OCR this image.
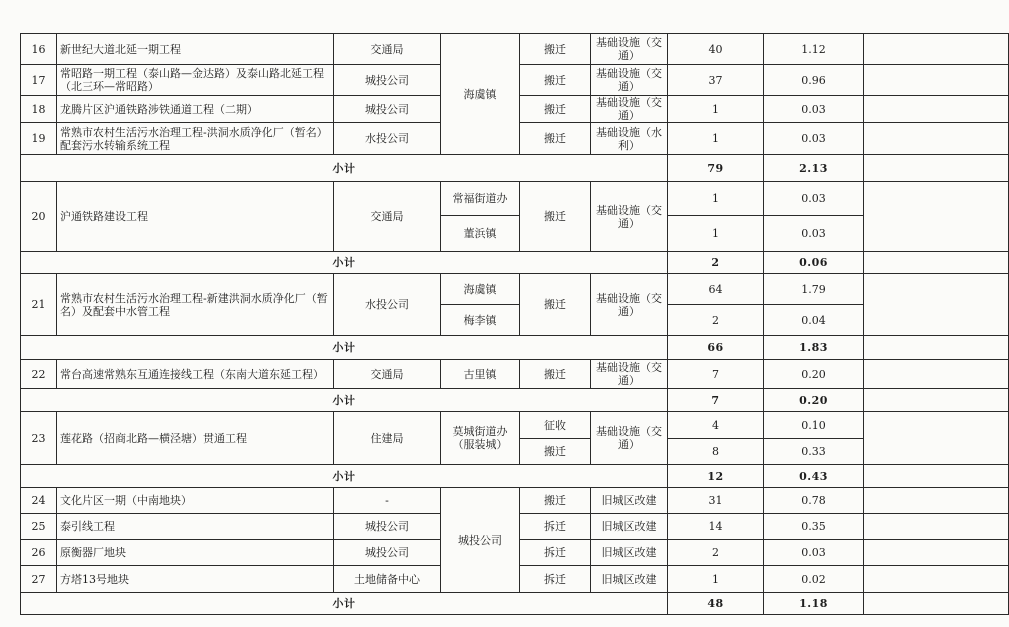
16	新世纪大道北延一期工程	交通局	海虞镇	搬迁	基础设施（交通）	40	1.12	
17	常昭路一期工程（泰山路—金达路）及泰山路北延工程（北三环—常昭路）	城投公司		搬迁	基础设施（交通）	37	0.96	
18	龙腾片区沪通铁路涉铁通道工程（二期）	城投公司		搬迁	基础设施（交通）	1	0.03	
19	常熟市农村生活污水治理工程-洪洞水质净化厂（暂名）配套污水转输系统工程	水投公司		搬迁	基础设施（水利）	1	0.03	
小计						79	2.13	
20	沪通铁路建设工程	交通局	常福街道办	搬迁	基础设施（交通）	1	0.03	
			董浜镇			1	0.03	
小计						2	0.06	
21	常熟市农村生活污水治理工程-新建洪洞水质净化厂（暂名）及配套中水管工程	水投公司	海虞镇	搬迁	基础设施（交通）	64	1.79	
			梅李镇			2	0.04	
小计						66	1.83	
22	常台高速常熟东互通连接线工程（东南大道东延工程）	交通局	古里镇	搬迁	基础设施（交通）	7	0.20	
小计						7	0.20	
23	莲花路（招商北路—横泾塘）贯通工程	住建局	莫城街道办（服装城）	征收	基础设施（交通）	4	0.10	
				搬迁		8	0.33	
小计						12	0.43	
24	文化片区一期（中南地块）	-	城投公司	搬迁	旧城区改建	31	0.78	
25	泰引线工程	城投公司		拆迁	旧城区改建	14	0.35	
26	原衡器厂地块	城投公司		拆迁	旧城区改建	2	0.03	
27	方塔13号地块	土地储备中心		拆迁	旧城区改建	1	0.02	
小计						48	1.18	
